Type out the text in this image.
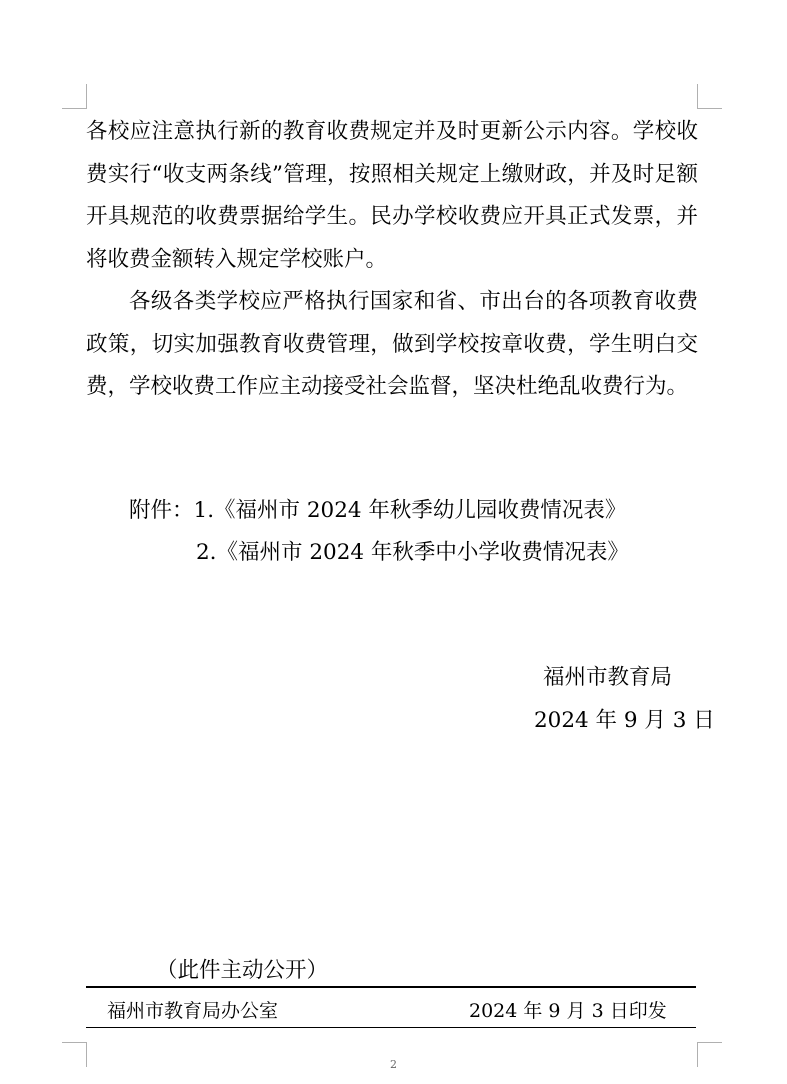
各校应注意执行新的教育收费规定并及时更新公示内容。学校收费实行“收支两条线”管理，按照相关规定上缴财政，并及时足额开具规范的收费票据给学生。民办学校收费应开具正式发票，并将收费金额转入规定学校账户。

各级各类学校应严格执行国家和省、市出台的各项教育收费政策，切实加强教育收费管理，做到学校按章收费，学生明白交费，学校收费工作应主动接受社会监督，坚决杜绝乱收费行为。

附件：1.《福州市 2024 年秋季幼儿园收费情况表》
2.《福州市 2024 年秋季中小学收费情况表》
福州市教育局
2024 年 9 月 3 日
（此件主动公开）
福州市教育局办公室	2024 年 9 月 3 日印发
2
